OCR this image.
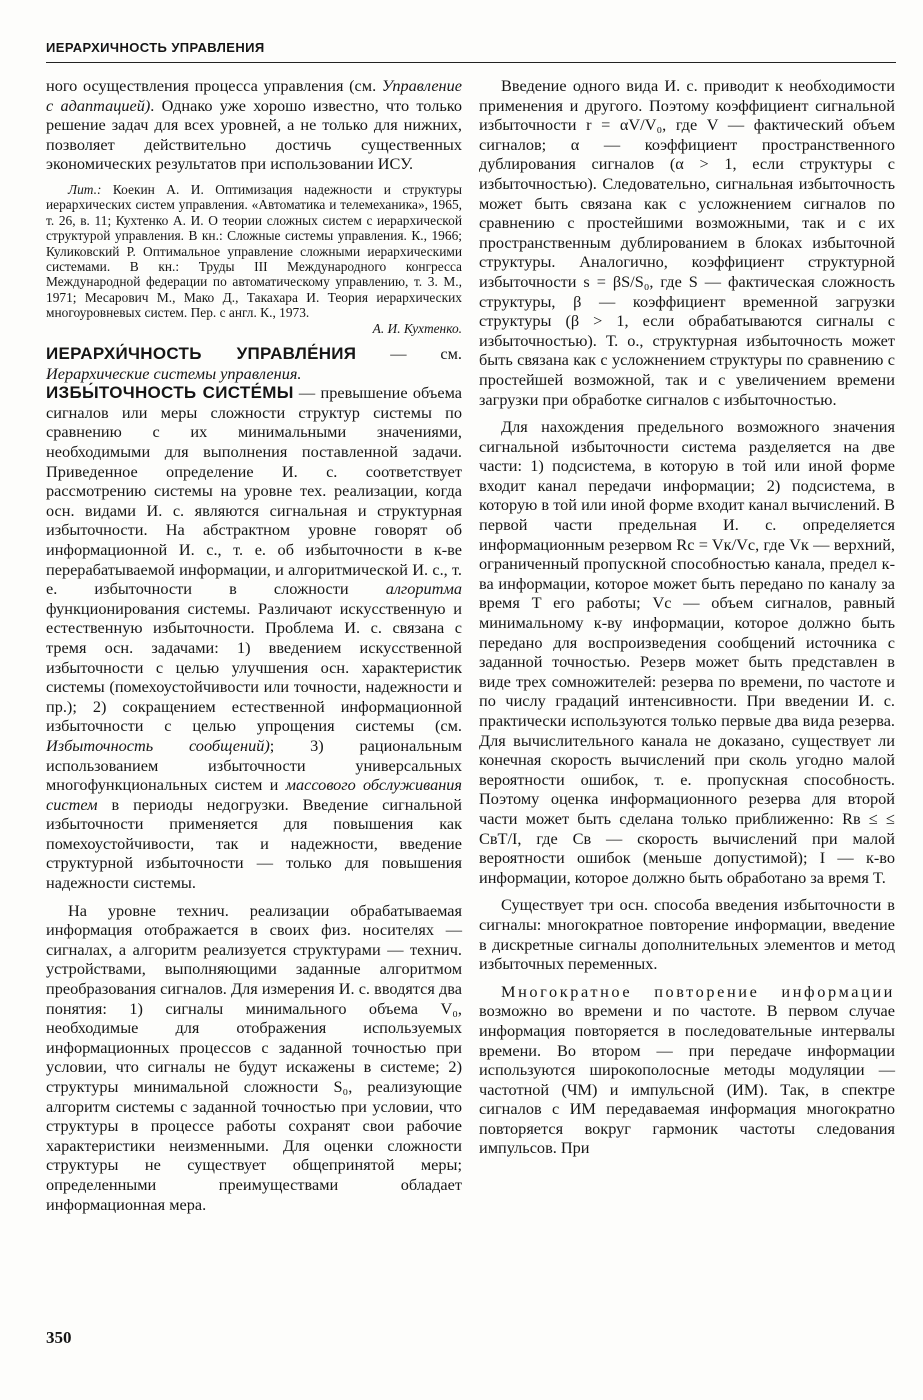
ИЕРАРХИЧНОСТЬ УПРАВЛЕНИЯ

ного осуществления процесса управления (см. Управление с адаптацией). Однако уже хорошо известно, что только решение задач для всех уровней, а не только для нижних, позволяет действительно достичь существенных экономических результатов при использовании ИСУ.

Лит.: Коекин А. И. Оптимизация надежности и структуры иерархических систем управления. «Автоматика и телемеханика», 1965, т. 26, в. 11; Кухтенко А. И. О теории сложных систем с иерархической структурой управления. В кн.: Сложные системы управления. К., 1966; Куликовский Р. Оптимальное управление сложными иерархическими системами. В кн.: Труды III Международного конгресса Международной федерации по автоматическому управлению, т. 3. М., 1971; Месарович М., Мако Д., Такахара И. Теория иерархических многоуровневых систем. Пер. с англ. К., 1973.

А. И. Кухтенко.

ИЕРАРХИ́ЧНОСТЬ УПРАВЛЕ́НИЯ — см. Иерархические системы управления.

ИЗБЫ́ТОЧНОСТЬ СИСТЕ́МЫ — превышение объема сигналов или меры сложности структур системы по сравнению с их минимальными значениями, необходимыми для выполнения поставленной задачи. Приведенное определение И. с. соответствует рассмотрению системы на уровне тех. реализации, когда осн. видами И. с. являются сигнальная и структурная избыточности. На абстрактном уровне говорят об информационной И. с., т. е. об избыточности в к-ве перерабатываемой информации, и алгоритмической И. с., т. е. избыточности в сложности алгоритма функционирования системы. Различают искусственную и естественную избыточности. Проблема И. с. связана с тремя осн. задачами: 1) введением искусственной избыточности с целью улучшения осн. характеристик системы (помехоустойчивости или точности, надежности и пр.); 2) сокращением естественной информационной избыточности с целью упрощения системы (см. Избыточность сообщений); 3) рациональным использованием избыточности универсальных многофункциональных систем и массового обслуживания систем в периоды недогрузки. Введение сигнальной избыточности применяется для повышения как помехоустойчивости, так и надежности, введение структурной избыточности — только для повышения надежности системы.

На уровне технич. реализации обрабатываемая информация отображается в своих физ. носителях — сигналах, а алгоритм реализуется структурами — технич. устройствами, выполняющими заданные алгоритмом преобразования сигналов. Для измерения И. с. вводятся два понятия: 1) сигналы минимального объема V₀, необходимые для отображения используемых информационных процессов с заданной точностью при условии, что сигналы не будут искажены в системе; 2) структуры минимальной сложности S₀, реализующие алгоритм системы с заданной точностью при условии, что структуры в процессе работы сохранят свои рабочие характеристики неизменными. Для оценки сложности структуры не существует общепринятой меры; определенными преимуществами обладает информационная мера.

Введение одного вида И. с. приводит к необходимости применения и другого. Поэтому коэффициент сигнальной избыточности r = αV/V₀, где V — фактический объем сигналов; α — коэффициент пространственного дублирования сигналов (α > 1, если структуры с избыточностью). Следовательно, сигнальная избыточность может быть связана как с усложнением сигналов по сравнению с простейшими возможными, так и с их пространственным дублированием в блоках избыточной структуры. Аналогично, коэффициент структурной избыточности s = βS/S₀, где S — фактическая сложность структуры, β — коэффициент временной загрузки структуры (β > 1, если обрабатываются сигналы с избыточностью). Т. о., структурная избыточность может быть связана как с усложнением структуры по сравнению с простейшей возможной, так и с увеличением времени загрузки при обработке сигналов с избыточностью.

Для нахождения предельного возможного значения сигнальной избыточности система разделяется на две части: 1) подсистема, в которую в той или иной форме входит канал передачи информации; 2) подсистема, в которую в той или иной форме входит канал вычислений. В первой части предельная И. с. определяется информационным резервом Rc = Vк/Vc, где Vк — верхний, ограниченный пропускной способностью канала, предел к-ва информации, которое может быть передано по каналу за время T его работы; Vc — объем сигналов, равный минимальному к-ву информации, которое должно быть передано для воспроизведения сообщений источника с заданной точностью. Резерв может быть представлен в виде трех сомножителей: резерва по времени, по частоте и по числу градаций интенсивности. При введении И. с. практически используются только первые два вида резерва. Для вычислительного канала не доказано, существует ли конечная скорость вычислений при сколь угодно малой вероятности ошибок, т. е. пропускная способность. Поэтому оценка информационного резерва для второй части может быть сделана только приближенно: Rв ≤ ≤ CвT/I, где Cв — скорость вычислений при малой вероятности ошибок (меньше допустимой); I — к-во информации, которое должно быть обработано за время T.

Существует три осн. способа введения избыточности в сигналы: многократное повторение информации, введение в дискретные сигналы дополнительных элементов и метод избыточных переменных.

Многократное повторение информации возможно во времени и по частоте. В первом случае информация повторяется в последовательные интервалы времени. Во втором — при передаче информации используются широкополосные методы модуляции — частотной (ЧМ) и импульсной (ИМ). Так, в спектре сигналов с ИМ передаваемая информация многократно повторяется вокруг гармоник частоты следования импульсов. При

350
